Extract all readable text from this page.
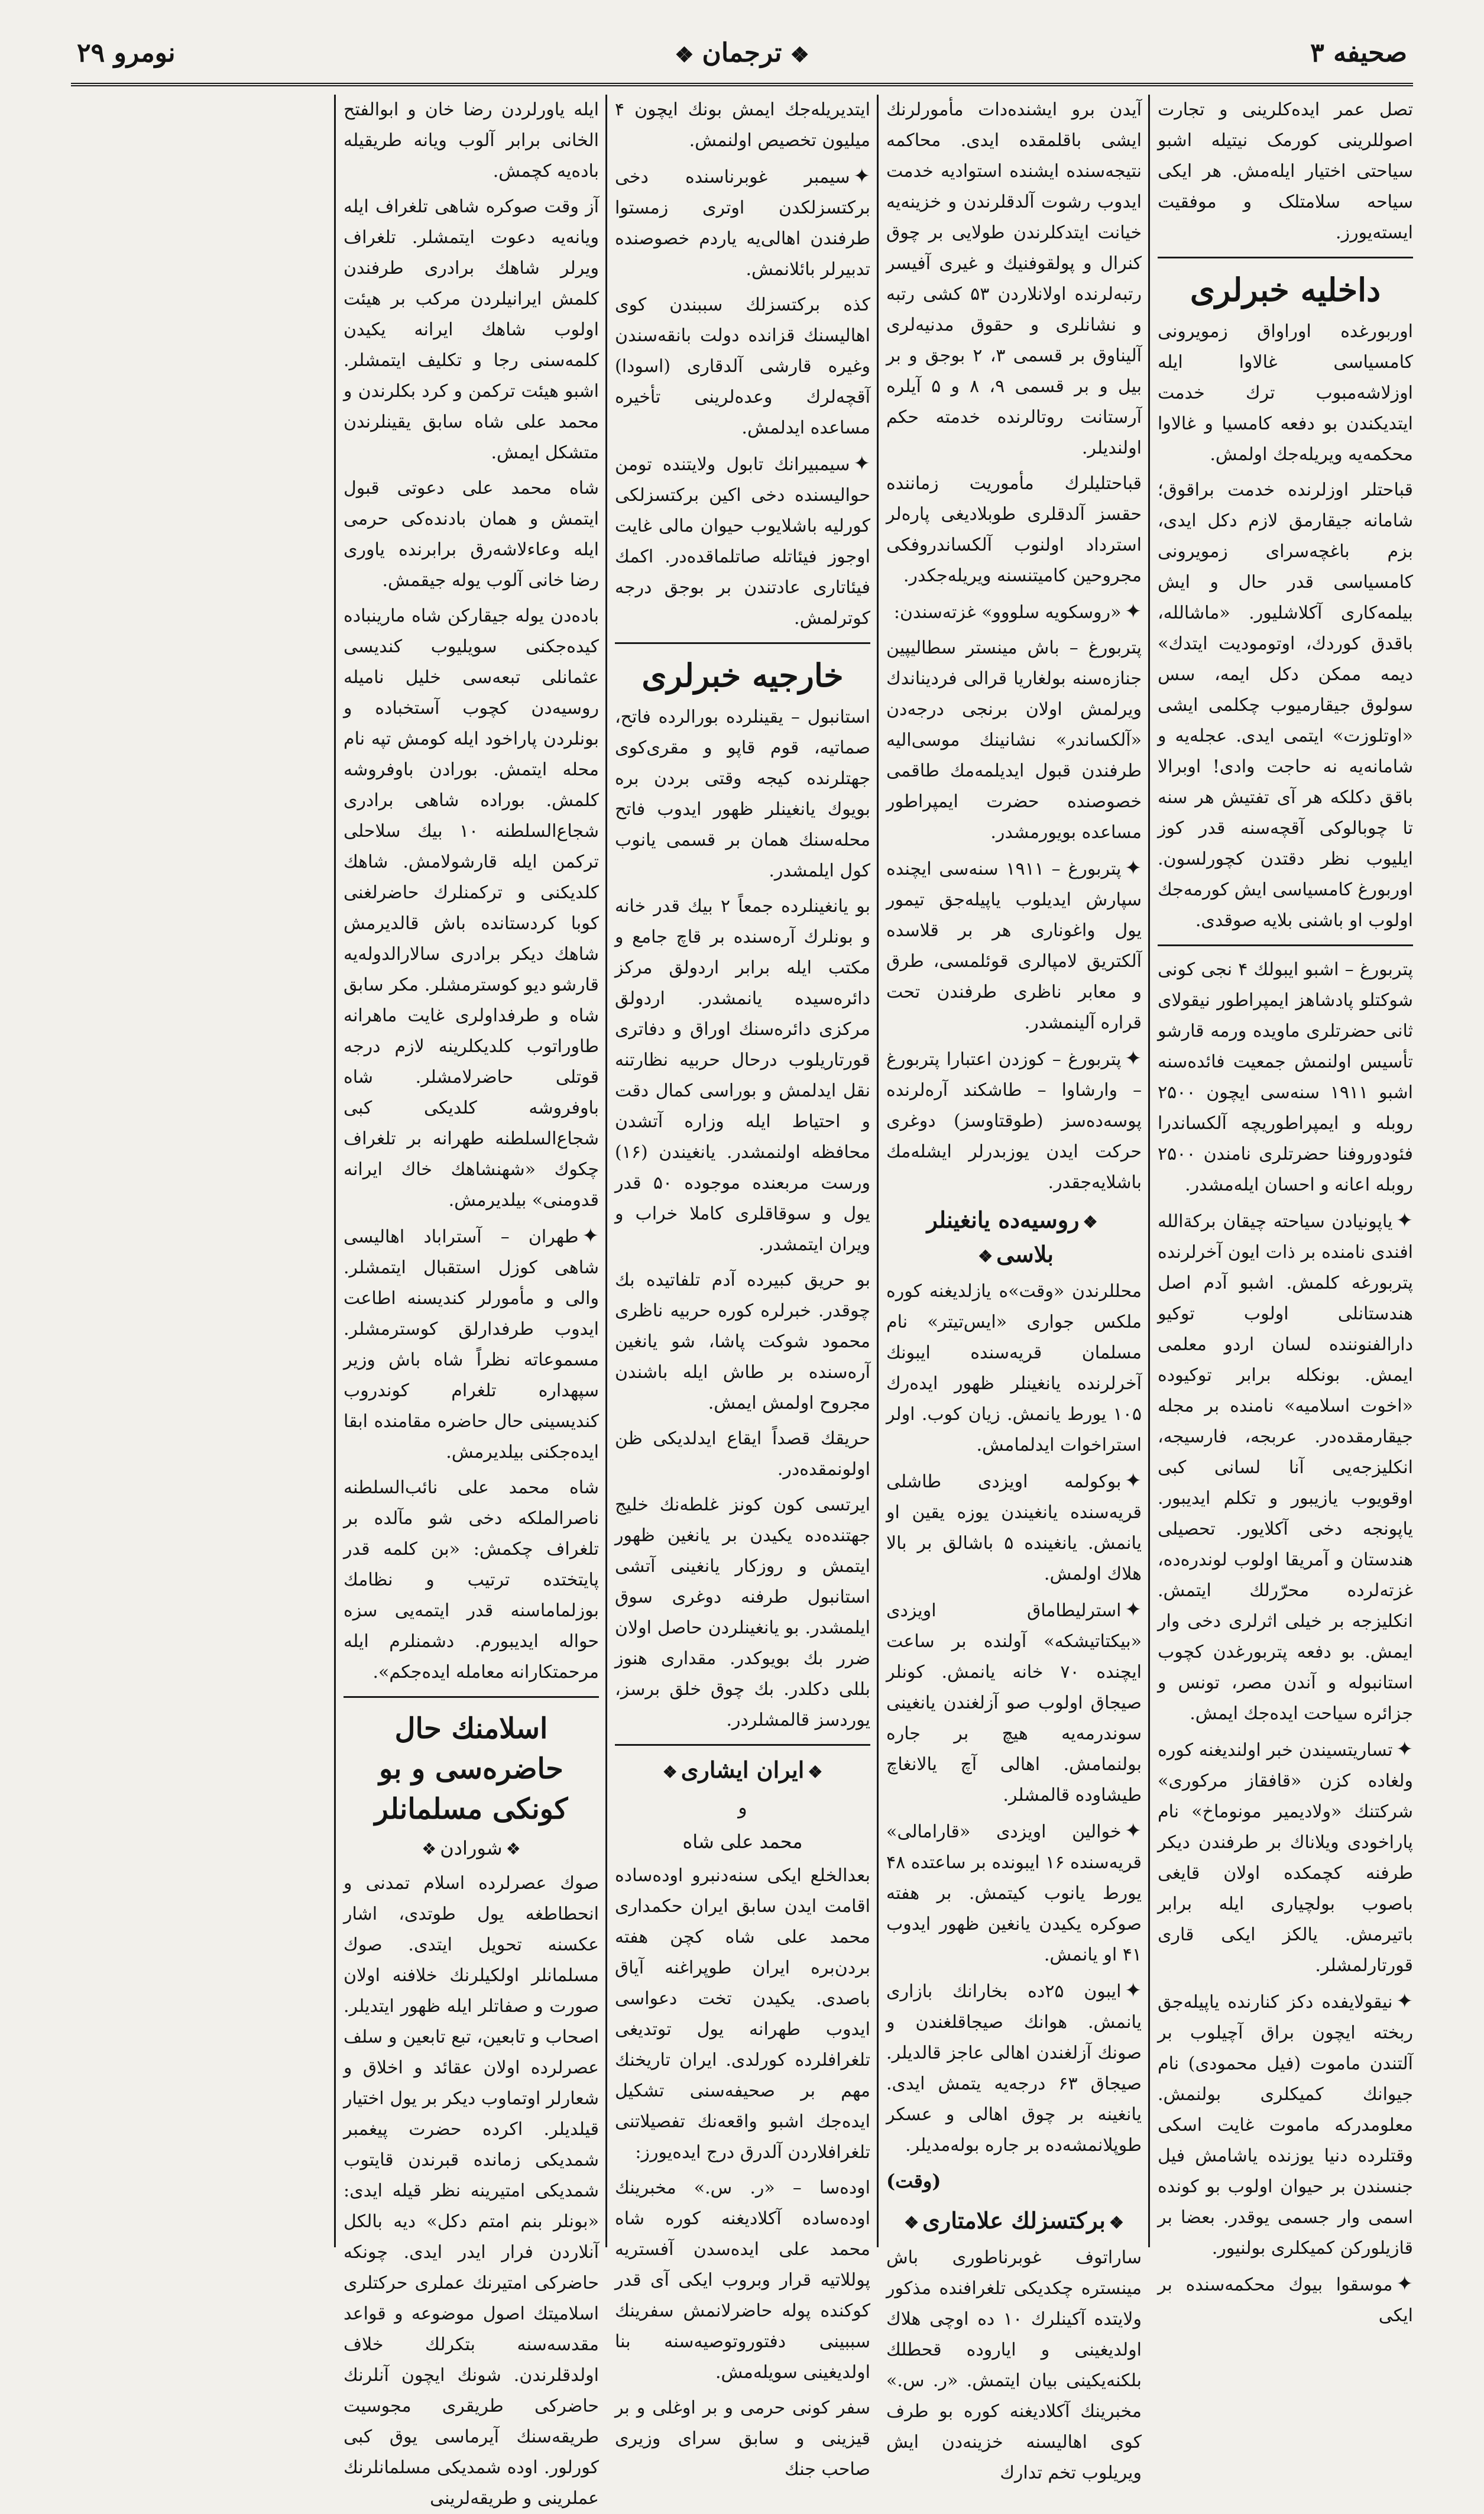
صحیفه ۳
❖ترجمان❖
نومرو ۲۹

تصل عمر ایده‌کلرینی و تجارت اصوللرینی کورمک نیتیله اشبو سیاحتی اختیار ایله‌مش. هر ایکی سیاحه سلامتلک و موفقیت ایسته‌یورز.

داخلیه خبرلری

اوربورغده اوراواق زمویرونی کامسیاسی غالاوا ایله اوزلاشه‌مبوب ترك خدمت ایتدیکندن بو دفعه کامسیا و غالاوا محکمه‌یه ویریله‌جك اولمش.

قباحتلر اوزلرنده خدمت براقوق؛ شامانه جیقارمق لازم دکل ایدی، بزم باغچه‌سرای زمویرونی کامسیاسی قدر حال و ایش بیلمه‌کاری آکلاشلیور. «ماشالله، باقدق کوردك، اوتومودیت ایتدك» دیمه ممکن دکل ایمه، سس سولوق جیقارمیوب چکلمی ایشی «اوتلوزت» ایتمی ایدی. عجله‌یه و شامانه‌یه نه حاجت وادی! اوبرالا باقق دکلکه هر آی تفتیش هر سنه تا چوبالوکی آقچه‌سنه قدر کوز ایلیوب نظر دقتدن کچورلسون. اوربورغ کامسیاسی ایش کورمه‌جك اولوب او باشنی بلایه صوقدی.

پتربورغ – اشبو ایبولك ۴ نجی کونی شوکتلو پادشاهز ایمپراطور نیقولای ثانی حضرتلری ماویده ورمه قارشو تأسیس اولنمش جمعیت فائده‌سنه اشبو ۱۹۱۱ سنه‌سی ایچون ۲۵۰۰ روبله و ایمپراطوریچه آلکساندرا فئودوروفنا حضرتلری نامندن ۲۵۰۰ روبله اعانه و احسان ایله‌مشدر.

✦یاپونیادن سیاحته چیقان برکة‌الله افندی نامنده بر ذات ایون آخرلرنده پتربورغه کلمش. اشبو آدم اصل هندستانلی اولوب توکیو دارالفنوننده لسان اردو معلمی ایمش. بونکله برابر توکیوده «اخوت اسلامیه» نامنده بر مجله جیقارمقده‌در. عربجه، فارسیجه، انکلیزجه‌یی آنا لسانی کبی اوقویوب یازیبور و تکلم ایدیبور. یاپونجه دخی آکلایور. تحصیلی هندستان و آمریقا اولوب لوندره‌ده، غزته‌لرده محرّرلك ایتمش. انکلیزجه بر خیلی اثرلری دخی وار ایمش. بو دفعه پتربورغدن کچوب استانبوله و آندن مصر، تونس و جزائره سیاحت ایده‌جك ایمش.

✦تساریتسیندن خبر اولندیغنه کوره ولغاده کزن «قافقاز مرکوری» شرکتنك «ولادیمیر مونوماخ» نام پاراخودی ویلاناك بر طرفندن دیکر طرفنه کچمکده اولان قایغی باصوب بولچیاری ایله برابر باتیرمش. یالکز ایکی قاری قورتارلمشلر.

✦نیقولایفده دکز کنارنده یاپیله‌جق ربخته ایچون براق آچیلوب بر آلتندن ماموت (فیل محمودی) نام جیوانك کمیکلری بولنمش. معلومدرکه ماموت غایت اسکی وقتلرده دنیا یوزنده یاشامش فیل جنسندن بر حیوان اولوب بو کونده اسمی وار جسمی یوقدر. بعضا بر قازیلورکن کمیکلری بولنیور.

✦موسقوا بیوك محکمه‌سنده بر ایکی

آیدن برو ایشنده‌دات مأمورلرنك ایشی باقلمقده ایدی. محاکمه نتیجه‌سنده ایشنده استوادیه خدمت ایدوب رشوت آلدقلرندن و خزینه‌یه خیانت ایتدکلرندن طولایی بر چوق کنرال و پولقوفنیك و غیری آفیسر رتبه‌لرنده اولانلاردن ۵۳ کشی رتبه و نشانلری و حقوق مدنیه‌لری آلیناوق بر قسمی ۳، ۲ بوجق و بر بیل و بر قسمی ۹، ۸ و ۵ آیلره آرستانت روتالرنده خدمته حکم اولندیلر.

قباحتلیلرك مأموریت زماننده حقسز آلدقلری طوبلادیغی پارەلر استرداد اولنوب آلکساندروفکی مجروحین کامیتنسنه ویریله‌جکدر.

✦«روسکویه سلووو» غزته‌سندن:

پتربورغ – باش مینستر سطالیپین جنازه‌سنه بولغاریا قرالی فردیناندك ویرلمش اولان برنجی درجه‌دن «آلکساندر» نشانینك موسی‌الیه طرفندن قبول ایدیلمه‌مك طاقمی خصوصنده حضرت ایمپراطور مساعده بویورمشدر.

✦پتربورغ – ۱۹۱۱ سنه‌سی ایچنده سپارش ایدیلوب یاپیله‌جق تیمور یول واغوناری هر بر قلاسده آلکتریق لامپالری قوئلمسی، طرق و معابر ناظری طرفندن تحت قراره آلینمشدر.

✦پتربورغ – کوزدن اعتبارا پتربورغ – وارشاوا – طاشکند آره‌لرنده پوسەده‌سز (طوقتاوسز) دوغری حرکت ایدن یوزبدرلر ایشله‌مك باشلایه‌جقدر.

❖روسیه‌ده یانغینلر بلاسی❖

محللرندن «وقت»ه یازلدیغنه کوره ملکس جواری «ایس‌تیتر» نام مسلمان قریه‌سنده ایبونك آخرلرنده یانغینلر ظهور ایدەرك ۱۰۵ یورط یانمش. زیان کوب. اولر استراخوات ایدلمامش.

✦بوکولمه اویزدی طاشلی قریه‌سنده یانغیندن یوزه یقین او یانمش. یانغینده ۵ باشالق بر بالا هلاك اولمش.

✦استرلیطاماق اویزدی «بیکتاتیشکه» آولنده بر ساعت ایچنده ۷۰ خانه یانمش. کونلر صیجاق اولوب صو آزلغندن یانغینی سوندرمه‌یه هیچ بر جاره بولنمامش. اهالی آچ یالانغاچ طیشاوده قالمشلر.

✦خوالین اویزدی «قارامالی» قریه‌سنده ۱۶ ایبونده بر ساعتده ۴۸ یورط یانوب کیتمش. بر هفته صوکره یکیدن یانغین ظهور ایدوب ۴۱ او یانمش.

✦ایبون ۲۵ده بخارانك بازاری یانمش. هوانك صیجاقلغندن و صونك آزلغندن اهالی عاجز قالدیلر. صیجاق ۶۳ درجه‌یه یتمش ایدی. یانغینه بر چوق اهالی و عسکر طوپلانمشه‌ده بر جاره بوله‌مدیلر.

(وقت)
❖برکتسزلك علامتاری❖

ساراتوف غوبرناطوری باش مینستره چکدیکی تلغرافنده مذکور ولایتده آکینلرك ۱۰ ده اوچی هلاك اولدیغینی و ایاروده قحطلك بلکنه‌یکینی بیان ایتمش. «ر. س.» مخبرینك آکلادیغنه کوره بو طرف کوی اهالیسنه خزینه‌دن ایش ویریلوب تخم تدارك

ایتدیریله‌جك ایمش بونك ایچون ۴ میلیون تخصیص اولنمش.

✦سیمبر غوبرناسنده دخی برکتسزلکدن اوتری زمستوا طرفندن اهالی‌یه یاردم خصوصنده تدبیرلر بائلانمش.

کذه برکتسزلك سببندن کوی اهالیسنك قزانده دولت بانقه‌سندن وغیره قارشی آلدقاری (اسودا) آقچه‌لرك وعده‌لرینی تأخیره مساعده ایدلمش.

✦سیمبیرانك تابول ولایتنده تومن حوالیسنده دخی اکین برکتسزلکی کورلیه باشلایوب حیوان مالی غایت اوجوز فیئاتله صاتلماقده‌در. اکمك فیئاتاری عادتندن بر بوجق درجه کوترلمش.

خارجیه خبرلری

استانبول – یقینلرده بورالرده فاتح، صماتیه، قوم قاپو و مقری‌کوی جهتلرنده کیجه وقتی بردن بره بویوك یانغینلر ظهور ایدوب فاتح محله‌سنك همان بر قسمی یانوب کول ایلمشدر.

بو یانغینلرده جمعاً ۲ بیك قدر خانه و بونلرك آره‌سنده بر قاچ جامع و مکتب ایله برابر اردولق مرکز دائره‌سیده یانمشدر. اردولق مرکزی دائره‌سنك اوراق و دفاتری قورتاریلوب درحال حربیه نظارتنه نقل ایدلمش و بوراسی کمال دقت و احتیاط ایله وزاره آتشدن محافظه اولنمشدر. یانغیندن (۱۶) ورست مربعنده موجوده ۵۰ قدر یول و سوقاقلری کاملا خراب و ویران ایتمشدر.

بو حریق کبیرده آدم تلفاتیده بك چوقدر. خبرلره کوره حربیه ناظری محمود شوکت پاشا، شو یانغین آره‌سنده بر طاش ایله باشندن مجروح اولمش ایمش.

حریقك قصداً ایقاع ایدلدیکی ظن اولونمقده‌در.

ایرتسی کون کونز غلطه‌نك خلیج جهتنده‌ده یکیدن بر یانغین ظهور ایتمش و روزکار یانغینی آتشی استانبول طرفنه دوغری سوق ایلمشدر. بو یانغینلردن حاصل اولان ضرر بك بویوکدر. مقداری هنوز بللی دکلدر. بك چوق خلق برسز، یوردسز قالمشلردر.

❖ایران ایشاری❖
و
محمد علی شاه

بعدالخلع ایکی سنه‌دنبرو اوده‌ساده اقامت ایدن سابق ایران حکمداری محمد علی شاه کچن هفته بردن‌بره ایران طوپراغنه آیاق باصدی. یکیدن تخت دعواسی ایدوب طهرانه یول توتدیغی تلغرافلرده کورلدی. ایران تاریخنك مهم بر صحیفه‌سنی تشکیل ایده‌جك اشبو واقعه‌نك تفصیلاتنی تلغرافلاردن آلدرق درج ایده‌یورز:

اوده‌سا – «ر. س.» مخبرینك اوده‌ساده آکلادیغنه کوره شاه محمد علی ایده‌سدن آفستریه پوللاتیه قرار وبروب ایکی آی قدر کوکنده پوله حاضرلانمش سفرینك سببینی دفتوروتوصیه‌سنه بنا اولدیغینی سویله‌مش.

سفر کونی حرمی و بر اوغلی و بر قیزینی و سابق سرای وزیری صاحب جنك

ایله یاورلردن رضا خان و ابوالفتح الخانی برابر آلوب ویانه طریقیله باده‌یه کچمش.

آز وقت صوکره شاهی تلغراف ایله ویانه‌یه دعوت ایتمشلر. تلغراف ویرلر شاهك برادری طرفندن کلمش ایرانیلردن مرکب بر هیئت اولوب شاهك ایرانه یکیدن کلمه‌سنی رجا و تکلیف ایتمشلر. اشبو هیئت ترکمن و کرد بکلرندن و محمد علی شاه سابق یقینلرندن متشکل ایمش.

شاه محمد علی دعوتی قبول ایتمش و همان بادنده‌کی حرمی ایله وعاءلاشه‌رق برابرنده یاوری رضا خانی آلوب یوله جیقمش.

باده‌دن یوله جیقارکن شاه مارینباده کیده‌جکنی سویلیوب کندیسی عثمانلی تبعه‌سی خلیل نامیله روسیه‌دن کچوب آستخباده و بونلردن پاراخود ایله کومش تپه نام محله ایتمش. بورادن باوفروشه کلمش. بوراده شاهی برادری شجاع‌السلطنه ۱۰ بیك سلاحلی ترکمن ایله قارشولامش. شاهك کلدیکنی و ترکمنلرك حاضرلغنی کوبا کردستانده باش قالدیرمش شاهك دیکر برادری سالارالدوله‌یه قارشو دیو کوسترمشلر. مکر سابق شاه و طرفداولری غایت ماهرانه طاوراتوب کلدیکلرینه لازم درجه قوتلی حاضرلامشلر. شاه باوفروشه کلدیکی کبی شجاع‌السلطنه طهرانه بر تلغراف چکوك «شهنشاهك خاك ایرانه قدومنی» بیلدیرمش.

✦طهران – آستراباد اهالیسی شاهی کوزل استقبال ایتمشلر. والی و مأمورلر کندیسنه اطاعت ایدوب طرفدارلق کوسترمشلر. مسموعاته نظراً شاه باش وزیر سپهداره تلغرام کوندروب کندیسینی حال حاضره مقامنده ابقا ایده‌جکنی بیلدیرمش.

شاه محمد علی نائب‌السلطنه ناصرالملکه دخی شو مآلده بر تلغراف چکمش: «بن کلمه قدر پایتختده ترتیب و نظامك بوزلماماسنه قدر ایتمه‌یی سزه حواله ایدیبورم. دشمنلرم ایله مرحمتکارانه معامله ایده‌جکم».

اسلامنك حال حاضره‌سی و بو کونکی مسلمانلر
❖شورادن❖

صوك عصرلرده اسلام تمدنی و انحطاطغه یول طوتدی، اشار عکسنه تحویل ایتدی. صوك مسلمانلر اولکیلرنك خلافنه اولان صورت و صفاتلر ایله ظهور ایتدیلر. اصحاب و تابعین، تبع تابعین و سلف عصرلرده اولان عقائد و اخلاق و شعارلر اوتماوب دیکر بر یول اختیار قیلدیلر. اکرده حضرت پیغمبر شمدیکی زمانده قبرندن قایتوب شمدیکی امتیرینه نظر قیله ایدی: «بونلر بنم امتم دکل» دیه بالکل آنلاردن فرار ایدر ایدی. چونکه حاضرکی امتیرنك عملری حرکتلری اسلامیتك اصول موضوعه و قواعد مقدسه‌سنه بتکرلك خلاف اولدقلرندن. شونك ایچون آنلرنك حاضرکی طریقری مجوسیت طریقه‌سنك آیرماسی یوق کبی کورلور. اوده شمدیکی مسلمانلرنك عملرینی و طریقه‌لرینی
